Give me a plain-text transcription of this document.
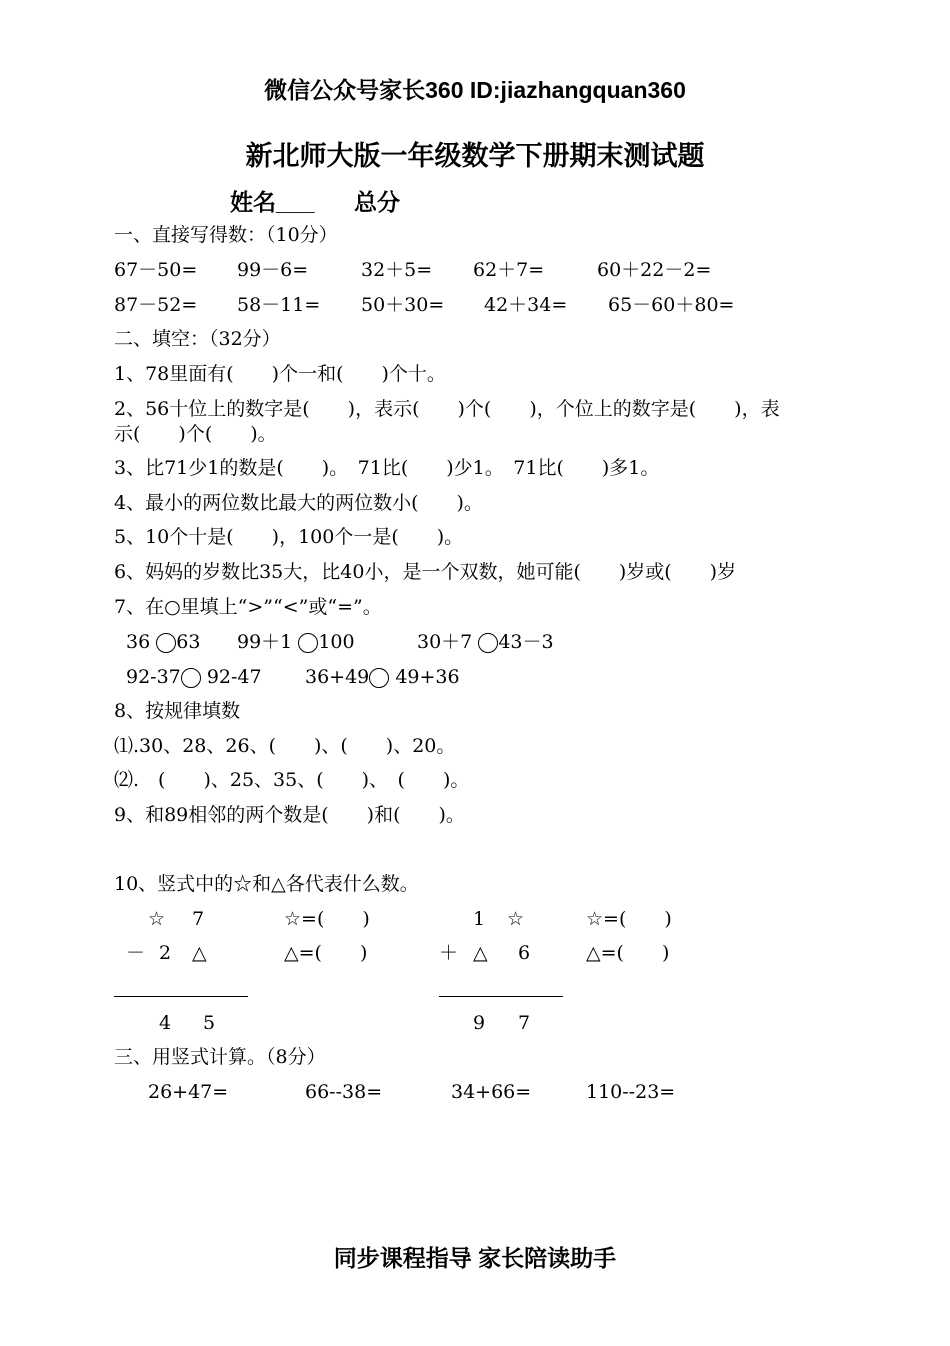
微信公众号家长360 ID:jiazhangquan360
新北师大版一年级数学下册期末测试题
姓名___ 总分
一、直接写得数：（10分）
67－50= 99－6=	32＋5= 62＋7=	60＋22－2=
87－52= 58－11= 50＋30= 42＋34= 65－60＋80=
二、填空：（32分）
1、78里面有(　　)个一和(　　)个十。
2、56十位上的数字是(　　)，表示(　　)个(　　)，个位上的数字是(　　)，表
示(　　)个(　　)。
3、比71少1的数是(　　)。　71比(　　)少1。　71比(　　)多1。
4、最小的两位数比最大的两位数小(　　)。
5、10个十是(　　)，100个一是(　　)。
6、妈妈的岁数比35大，比40小，是一个双数，她可能(　　)岁或(　　)岁
7、在○里填上“>”“<”或“=”。
36 63 99＋1 100	30＋7 43－3
92-37 92-47 36+49 49+36
8、按规律填数
⑴.30、28、26、(　　)、(　　)、20。
⑵.　(　　)、25、35、(　　)、　(　　)。
9、和89相邻的两个数是(　　)和(　　)。
10、竖式中的☆和△各代表什么数。
☆ 7	☆=(　　)
－ 2 △	△=(　　)
4 5
1 ☆	☆=(　　)
＋ △ 6	△=(　　)
9 7
三、用竖式计算。（8分）
26+47=	66--38=	34+66=	110--23=
同步课程指导 家长陪读助手
